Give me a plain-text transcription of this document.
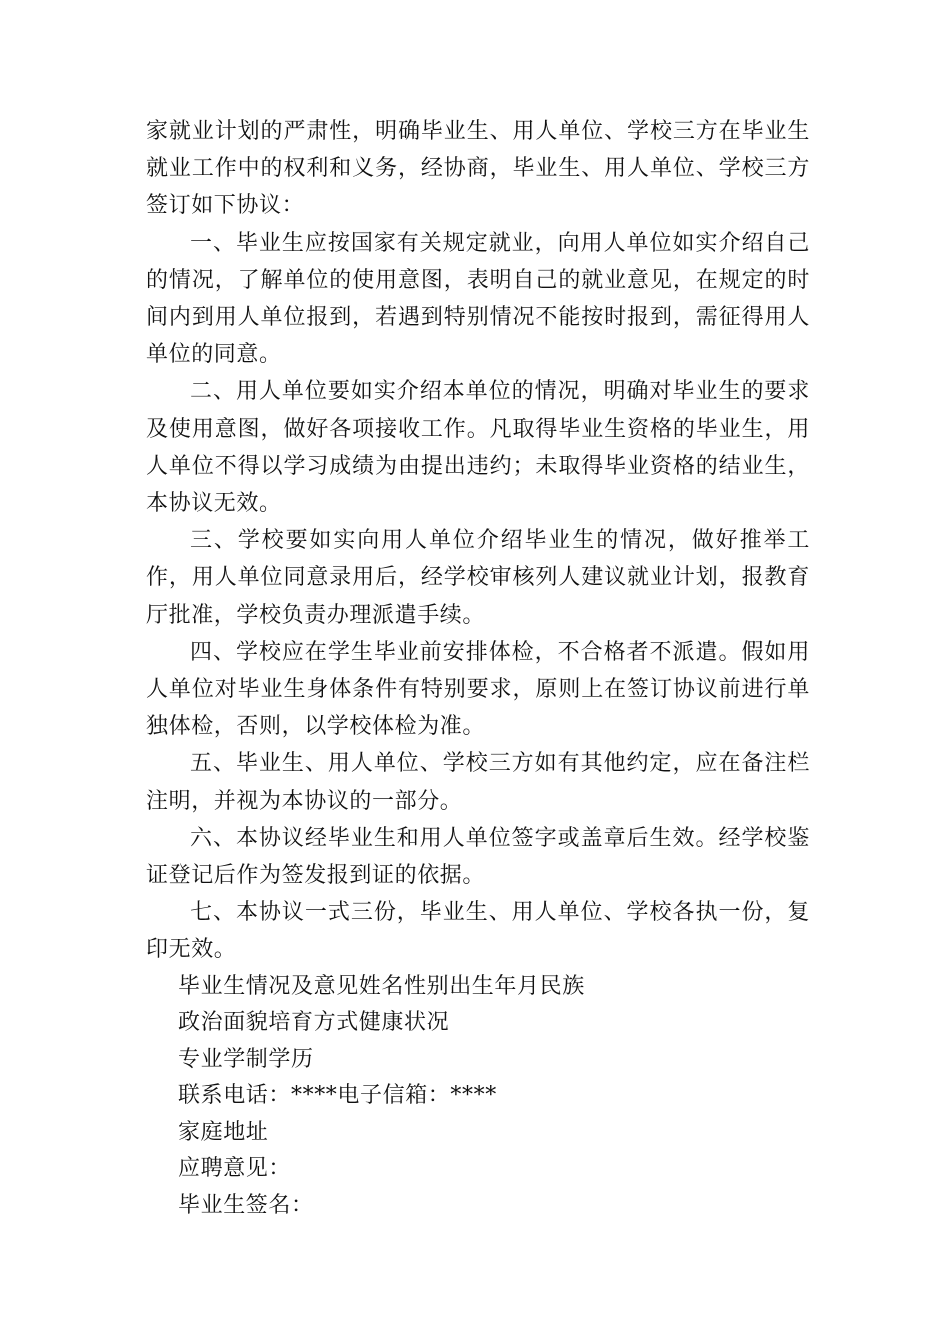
家就业计划的严肃性，明确毕业生、用人单位、学校三方在毕业生就业工作中的权利和义务，经协商，毕业生、用人单位、学校三方签订如下协议：

一、毕业生应按国家有关规定就业，向用人单位如实介绍自己的情况，了解单位的使用意图，表明自己的就业意见，在规定的时间内到用人单位报到，若遇到特别情况不能按时报到，需征得用人单位的同意。

二、用人单位要如实介绍本单位的情况，明确对毕业生的要求及使用意图，做好各项接收工作。凡取得毕业生资格的毕业生，用人单位不得以学习成绩为由提出违约；未取得毕业资格的结业生，本协议无效。

三、学校要如实向用人单位介绍毕业生的情况，做好推举工作，用人单位同意录用后，经学校审核列人建议就业计划，报教育厅批准，学校负责办理派遣手续。

四、学校应在学生毕业前安排体检，不合格者不派遣。假如用人单位对毕业生身体条件有特别要求，原则上在签订协议前进行单独体检，否则，以学校体检为准。

五、毕业生、用人单位、学校三方如有其他约定，应在备注栏注明，并视为本协议的一部分。

六、本协议经毕业生和用人单位签字或盖章后生效。经学校鉴证登记后作为签发报到证的依据。

七、本协议一式三份，毕业生、用人单位、学校各执一份，复印无效。

毕业生情况及意见姓名性别出生年月民族

政治面貌培育方式健康状况

专业学制学历

联系电话：****电子信箱：****

家庭地址

应聘意见：

毕业生签名：
